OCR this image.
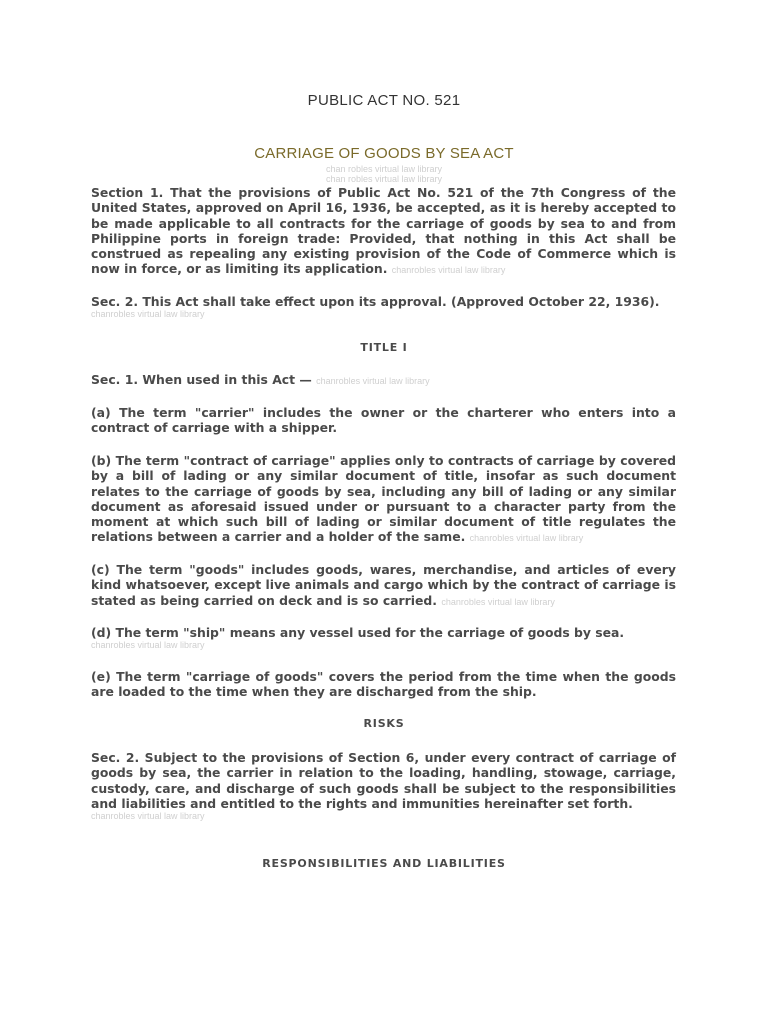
PUBLIC ACT NO. 521
CARRIAGE OF GOODS BY SEA ACT
chan robles virtual law library
chan robles virtual law library
Section 1. That the provisions of Public Act No. 521 of the 7th Congress of the United States, approved on April 16, 1936, be accepted, as it is hereby accepted to be made applicable to all contracts for the carriage of goods by sea to and from Philippine ports in foreign trade: Provided, that nothing in this Act shall be construed as repealing any existing provision of the Code of Commerce which is now in force, or as limiting its application. chanrobles virtual law library
Sec. 2. This Act shall take effect upon its approval. (Approved October 22, 1936).
chanrobles virtual law library
TITLE I
Sec. 1. When used in this Act — chanrobles virtual law library
(a) The term "carrier" includes the owner or the charterer who enters into a contract of carriage with a shipper.
(b) The term "contract of carriage" applies only to contracts of carriage by covered by a bill of lading or any similar document of title, insofar as such document relates to the carriage of goods by sea, including any bill of lading or any similar document as aforesaid issued under or pursuant to a character party from the moment at which such bill of lading or similar document of title regulates the relations between a carrier and a holder of the same. chanrobles virtual law library
(c) The term "goods" includes goods, wares, merchandise, and articles of every kind whatsoever, except live animals and cargo which by the contract of carriage is stated as being carried on deck and is so carried. chanrobles virtual law library
(d) The term "ship" means any vessel used for the carriage of goods by sea.
chanrobles virtual law library
(e) The term "carriage of goods" covers the period from the time when the goods are loaded to the time when they are discharged from the ship.
RISKS
Sec. 2. Subject to the provisions of Section 6, under every contract of carriage of goods by sea, the carrier in relation to the loading, handling, stowage, carriage, custody, care, and discharge of such goods shall be subject to the responsibilities and liabilities and entitled to the rights and immunities hereinafter set forth.
chanrobles virtual law library
RESPONSIBILITIES AND LIABILITIES
